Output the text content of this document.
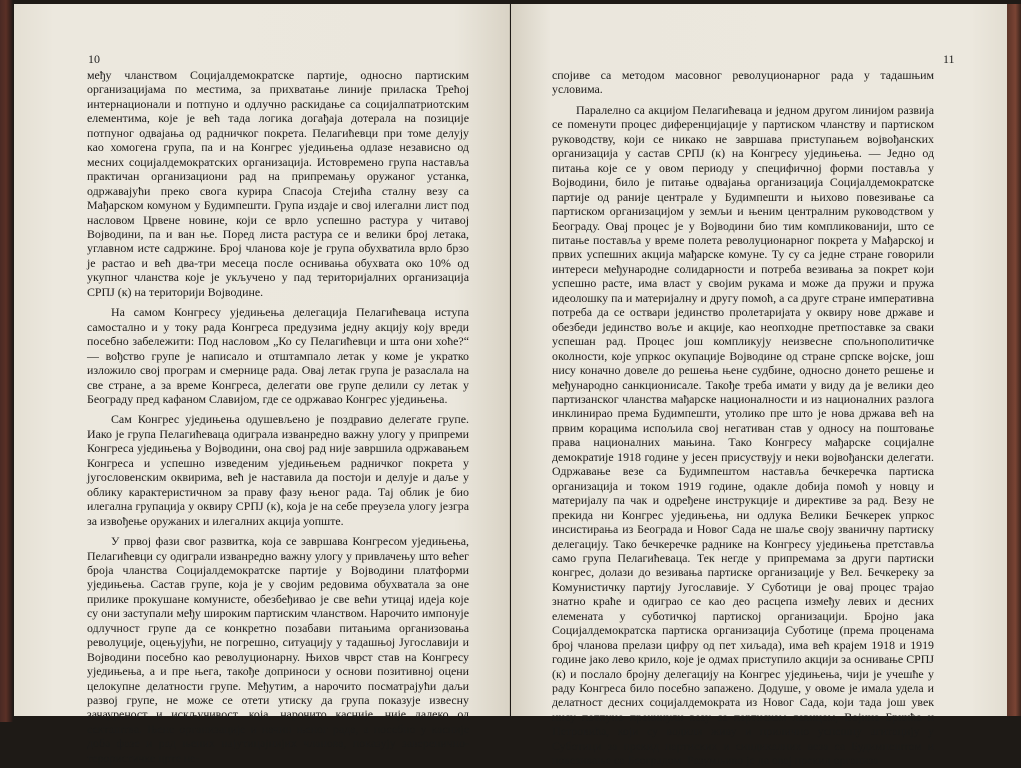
10

међу чланством Социјалдемократске партије, односно партиским организацијама по местима, за прихватање линије приласка Трећој интернационали и потпуно и одлучно раскидање са социјалпатриотским елементима, које је већ тада логика догађаја дотерала на позиције потпуног одвајања од радничког покрета. Пелагићевци при томе делују као хомогена група, па и на Конгрес уједињења одлазе независно од месних социјалдемократских организација. Истовремено група наставља практичан организациони рад на припремању оружаног устанка, одржавајући преко свога курира Спасоја Стејића сталну везу са Мађарском комуном у Будимпешти. Група издаје и свој илегални лист под насловом Црвене новине, који се врло успешно растура у читавој Војводини, па и ван ње. Поред листа растура се и велики број летака, углавном исте садржине. Број чланова које је група обухватила врло брзо је растао и већ два-три месеца после оснивања обухвата око 10% од укупног чланства које је укључено у пад територијалних организација СРПЈ (к) на територији Војводине.

На самом Конгресу уједињења делегација Пелагићеваца иступа самостално и у току рада Конгреса предузима једну акцију коју вреди посебно забележити: Под насловом „Ко су Пелагићевци и шта они хоће?“ — вођство групе је написало и отштампало летак у коме је укратко изложило свој програм и смернице рада. Овај летак група је разаслала на све стране, а за време Конгреса, делегати ове групе делили су летак у Београду пред кафаном Славијом, где се одржавао Конгрес уједињења.

Сам Конгрес уједињења одушевљено је поздравио делегате групе. Иако је група Пелагићеваца одиграла изванредно важну улогу у припреми Конгреса уједињења у Војводини, она свој рад није завршила одржавањем Конгреса и успешно изведеним уједињењем радничког покрета у југословенским оквирима, већ је наставила да постоји и делује и даље у облику карактеристичном за праву фазу њеног рада. Тај облик је био илегална групација у оквиру СРПЈ (к), која је на себе преузела улогу језгра за извођење оружаних и илегалних акција уопште.

У првој фази свог развитка, која се завршава Конгресом уједињења, Пелагићевци су одиграли изванредно важну улогу у привлачењу што већег броја чланства Социјалдемократске партије у Војводини платформи уједињења. Састав групе, која је у својим редовима обухватала за оне прилике прокушане комунисте, обезбеђивао је све већи утицај идеја које су они заступали међу широким партиским чланством. Нарочито импонује одлучност групе да се конкретно позабави питањима организовања револуције, оцењујући, не погрешно, ситуацију у тадашњој Југославији и Војводини посебно као револуционарну. Њихов чврст став на Конгресу уједињења, а и пре њега, такође доприноси у основи позитивној оцени целокупне делатности групе. Међутим, а нарочито посматрајући даљи развој групе, не може се отети утиску да група показује извесну зачауреност и искључивост, која, нарочито касније, није далеко од секташтва. Њене организације и начин њеног рада, а посебно у касније доба фазе и рад њених најутицајнијих чланова, показују заверенично-терористичке црте не-

11

спојиве са методом масовног револуционарног рада у тадашњим условима.

Паралелно са акцијом Пелагићеваца и једном другом линијом развија се поменути процес диференцијације у партиском чланству и партиском руководству, који се никако не завршава приступањем војвођанских организација у састав СРПЈ (к) на Конгресу уједињења. — Једно од питања које се у овом периоду у специфичној форми поставља у Војводини, било је питање одвајања организација Социјалдемократске партије од раније централе у Будимпешти и њихово повезивање са партиском организацијом у земљи и њеним централним руководством у Београду. Овај процес је у Војводини био тим компликованији, што се питање поставља у време полета револуционарног покрета у Мађарској и првих успешних акција мађарске комуне. Ту су са једне стране говорили интереси међународне солидарности и потреба везивања за покрет који успешно расте, има власт у својим рукама и може да пружи и пружа идеолошку па и материјалну и другу помоћ, а са друге стране императивна потреба да се оствари јединство пролетаријата у оквиру нове државе и обезбеди јединство воље и акције, као неопходне претпоставке за сваки успешан рад. Процес још компликују неизвесне спољнополитичке околности, које упркос окупације Војводине од стране српске војске, још нису коначно довеле до решења њене судбине, односно донето решење и међународно санкционисале. Такође треба имати у виду да је велики део партизанског чланства мађарске националности и из националних разлога инклинирао према Будимпешти, утолико пре што је нова држава већ на првим корацима испољила свој негативан став у односу на поштовање права националних мањина. Тако Конгресу мађарске социјалне демократије 1918 године у јесен присуствују и неки војвођански делегати. Одржавање везе са Будимпештом наставља бечкеречка партиска организација и током 1919 године, одакле добија помоћ у новцу и материјалу па чак и одређене инструкције и директиве за рад. Везу не прекида ни Конгрес уједињења, ни одлука Велики Бечкерек упркос инсистирања из Београда и Новог Сада не шаље своју званичну партиску делегацију. Тако бечкеречке раднике на Конгресу уједињења претставља само група Пелагићеваца. Тек негде у припремама за други партиски конгрес, долази до везивања партиске организације у Вел. Бечкереку за Комунистичку партију Југославије. У Суботици је овај процес трајао знатно краће и одиграо се као део расцепа између левих и десних елемената у суботичкој партиској организацији. Бројно јака Социјалдемократска партиска организација Суботице (према проценама број чланова прелази цифру од пет хиљада), има већ крајем 1918 и 1919 године јако лево крило, које је одмах приступило акцији за оснивање СРПЈ (к) и послало бројну делегацију на Конгрес уједињења, чији је учешће у раду Конгреса било посебно запажено. Додуше, у овоме је имала удела и делатност десних социјалдемократа из Новог Сада, који тада још увек нису потпуно прекинули везу са партиском левицом, Војина Бркића и Петровића, који су водили живу и прилично успешну агитацију у Суботици за прекид партиских и синдикалних веза са Будимпештом и повезивање са Београдом. Разумљиво је да овај прекид организа-
